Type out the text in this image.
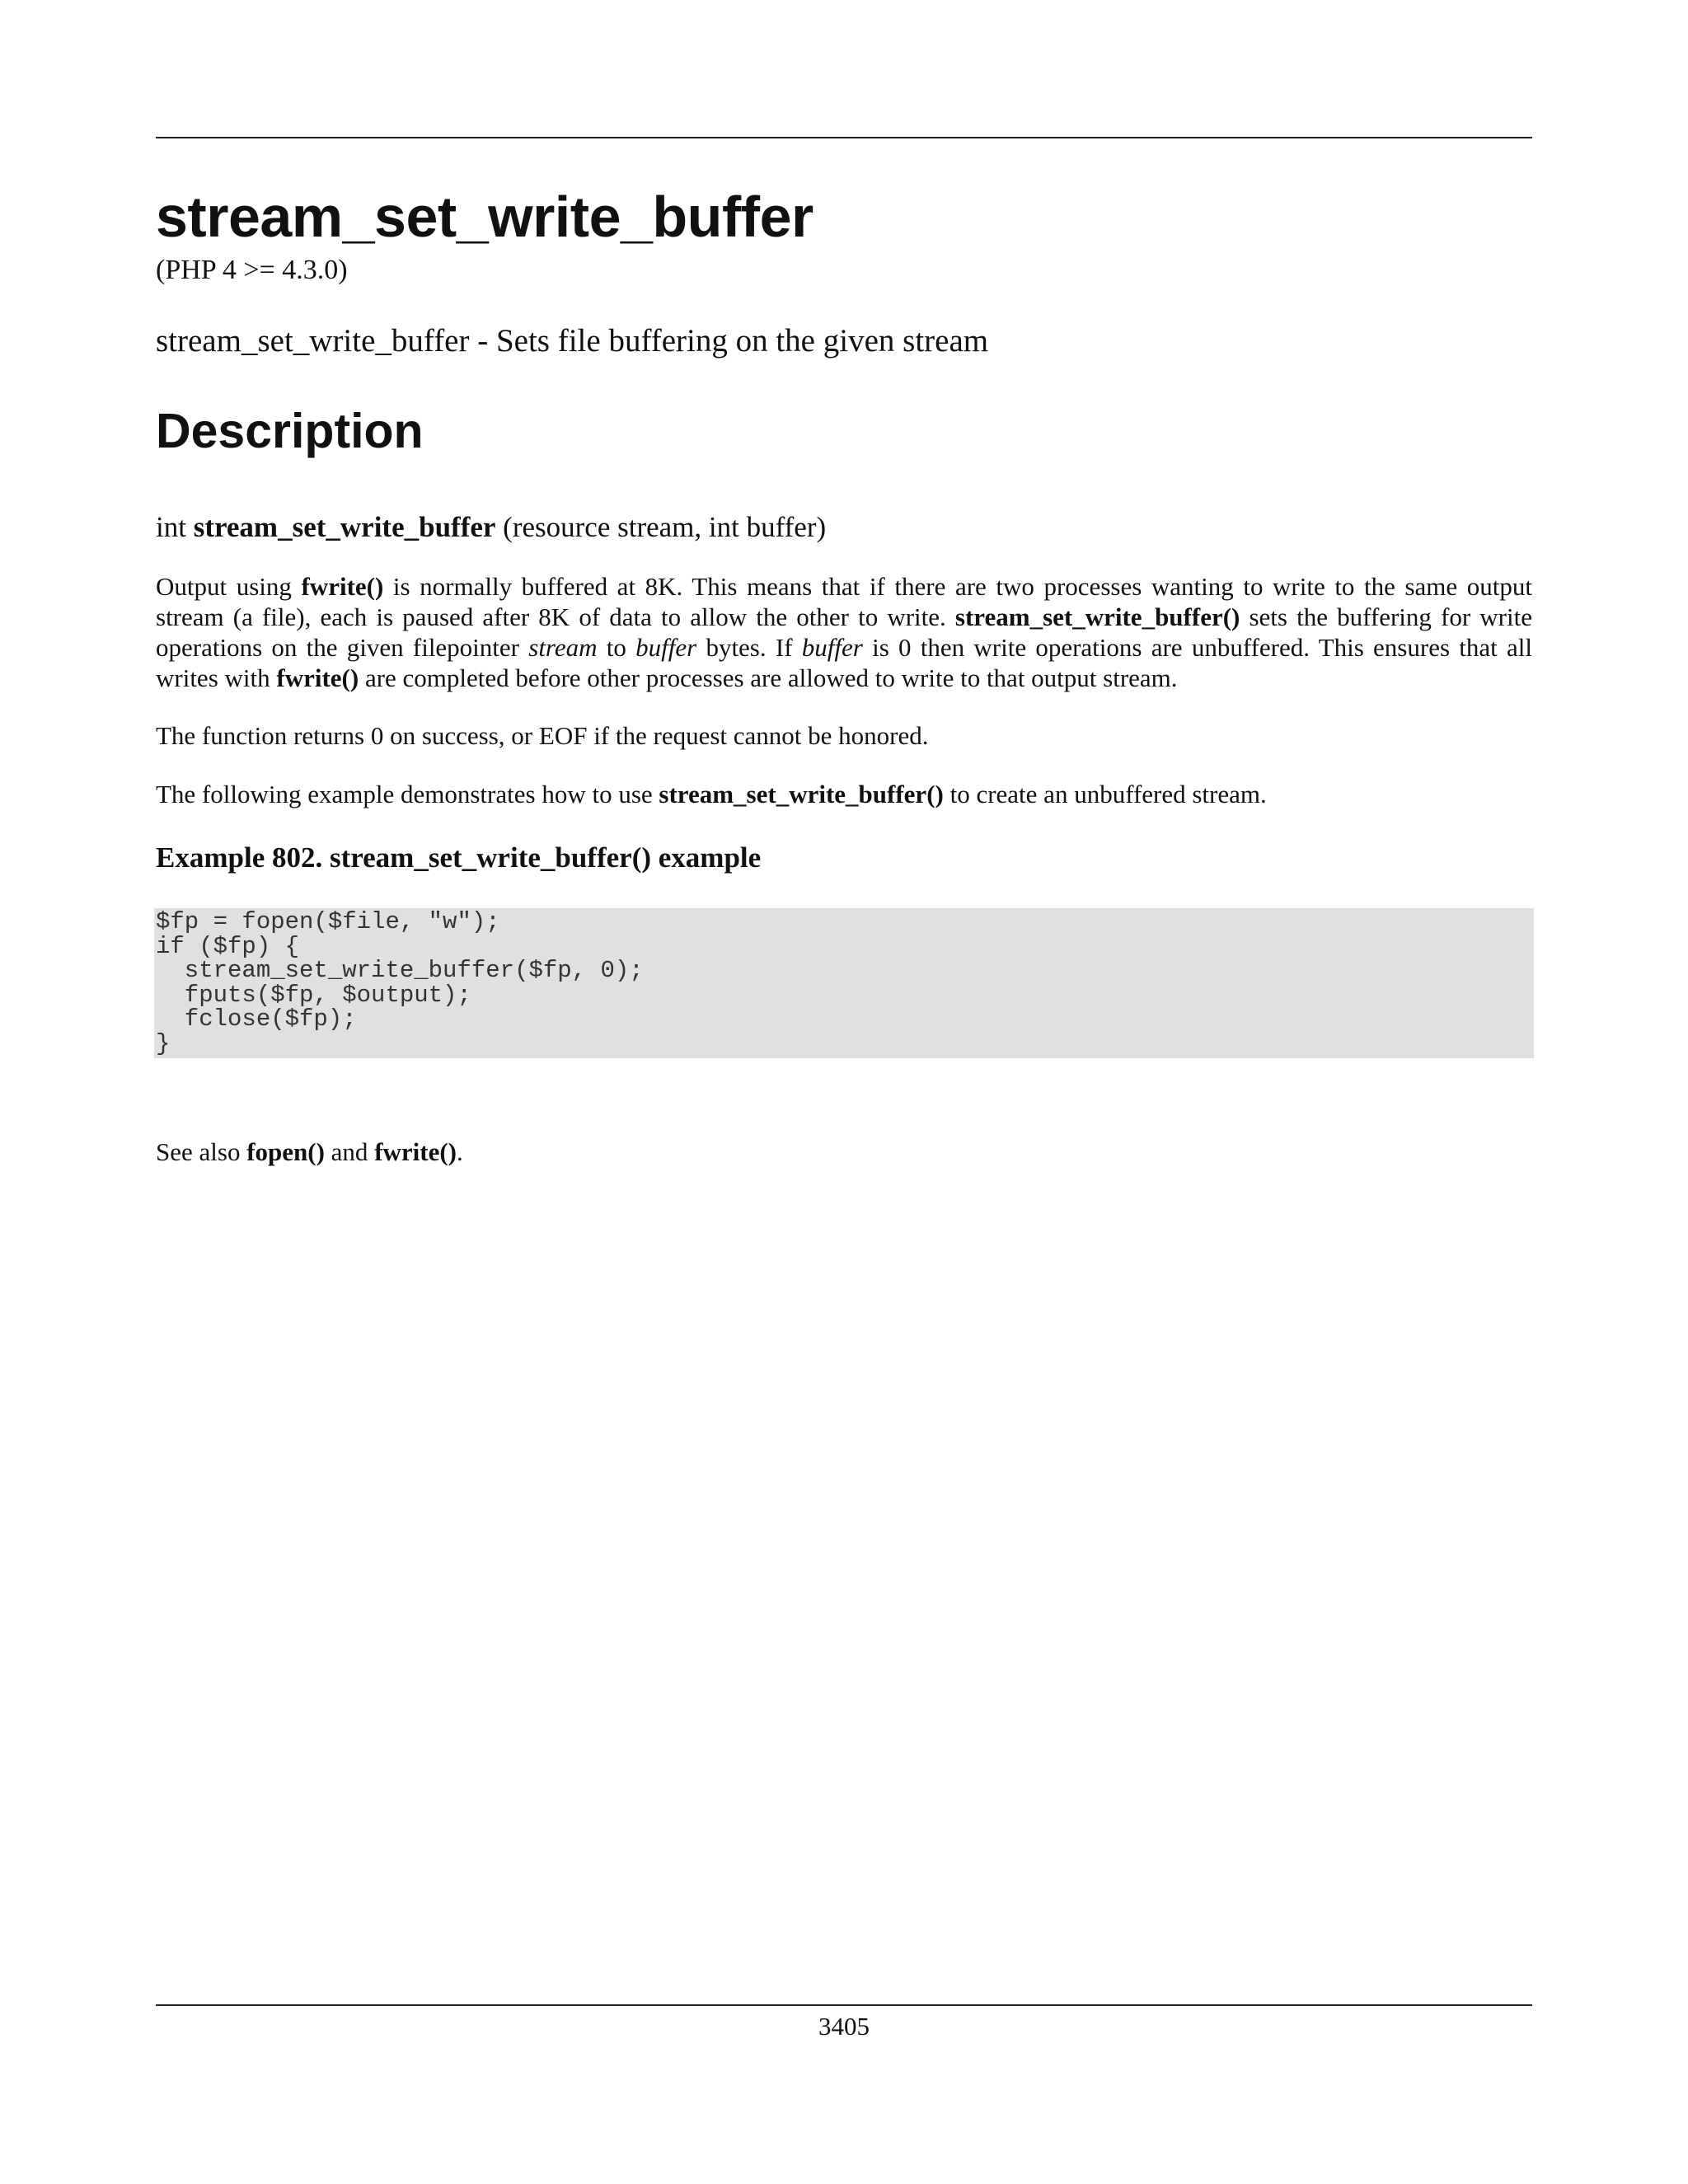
stream_set_write_buffer
(PHP 4 >= 4.3.0)
stream_set_write_buffer - Sets file buffering on the given stream
Description
int stream_set_write_buffer (resource stream, int buffer)

Output using fwrite() is normally buffered at 8K. This means that if there are two processes wanting to write to the same output stream (a file), each is paused after 8K of data to allow the other to write. stream_set_write_buffer() sets the buffering for write operations on the given filepointer stream to buffer bytes. If buffer is 0 then write operations are unbuffered. This ensures that all writes with fwrite() are completed before other processes are allowed to write to that output stream.

The function returns 0 on success, or EOF if the request cannot be honored.

The following example demonstrates how to use stream_set_write_buffer() to create an unbuffered stream.

Example 802. stream_set_write_buffer() example
$fp = fopen($file, "w");
if ($fp) {
stream_set_write_buffer($fp, 0);
fputs($fp, $output);
fclose($fp);
}

See also fopen() and fwrite().

3405
